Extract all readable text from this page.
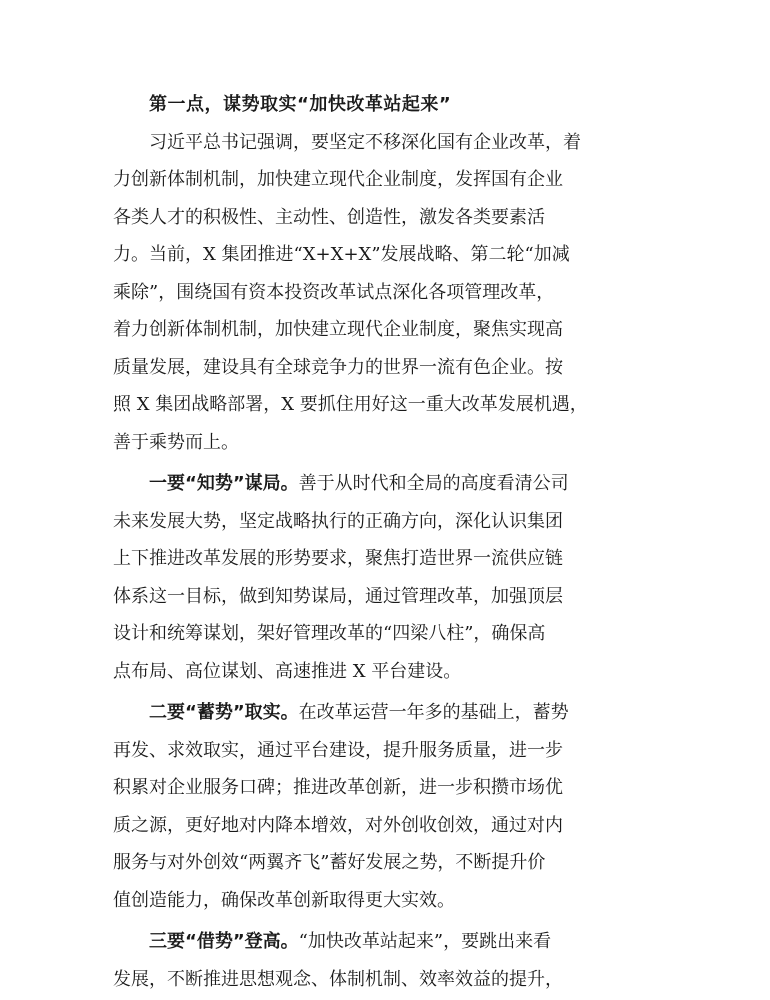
第一点，谋势取实“加快改革站起来”
习近平总书记强调，要坚定不移深化国有企业改革，着
力创新体制机制，加快建立现代企业制度，发挥国有企业
各类人才的积极性、主动性、创造性，激发各类要素活
力。当前，X 集团推进“X+X+X”发展战略、第二轮“加减
乘除”，围绕国有资本投资改革试点深化各项管理改革，
着力创新体制机制，加快建立现代企业制度，聚焦实现高
质量发展，建设具有全球竞争力的世界一流有色企业。按
照 X 集团战略部署，X 要抓住用好这一重大改革发展机遇，
善于乘势而上。
一要“知势”谋局。善于从时代和全局的高度看清公司
未来发展大势，坚定战略执行的正确方向，深化认识集团
上下推进改革发展的形势要求，聚焦打造世界一流供应链
体系这一目标，做到知势谋局，通过管理改革，加强顶层
设计和统筹谋划，架好管理改革的“四梁八柱”，确保高
点布局、高位谋划、高速推进 X 平台建设。
二要“蓄势”取实。在改革运营一年多的基础上，蓄势
再发、求效取实，通过平台建设，提升服务质量，进一步
积累对企业服务口碑；推进改革创新，进一步积攒市场优
质之源，更好地对内降本增效，对外创收创效，通过对内
服务与对外创效“两翼齐飞”蓄好发展之势，不断提升价
值创造能力，确保改革创新取得更大实效。
三要“借势”登高。“加快改革站起来”，要跳出来看
发展，不断推进思想观念、体制机制、效率效益的提升，
